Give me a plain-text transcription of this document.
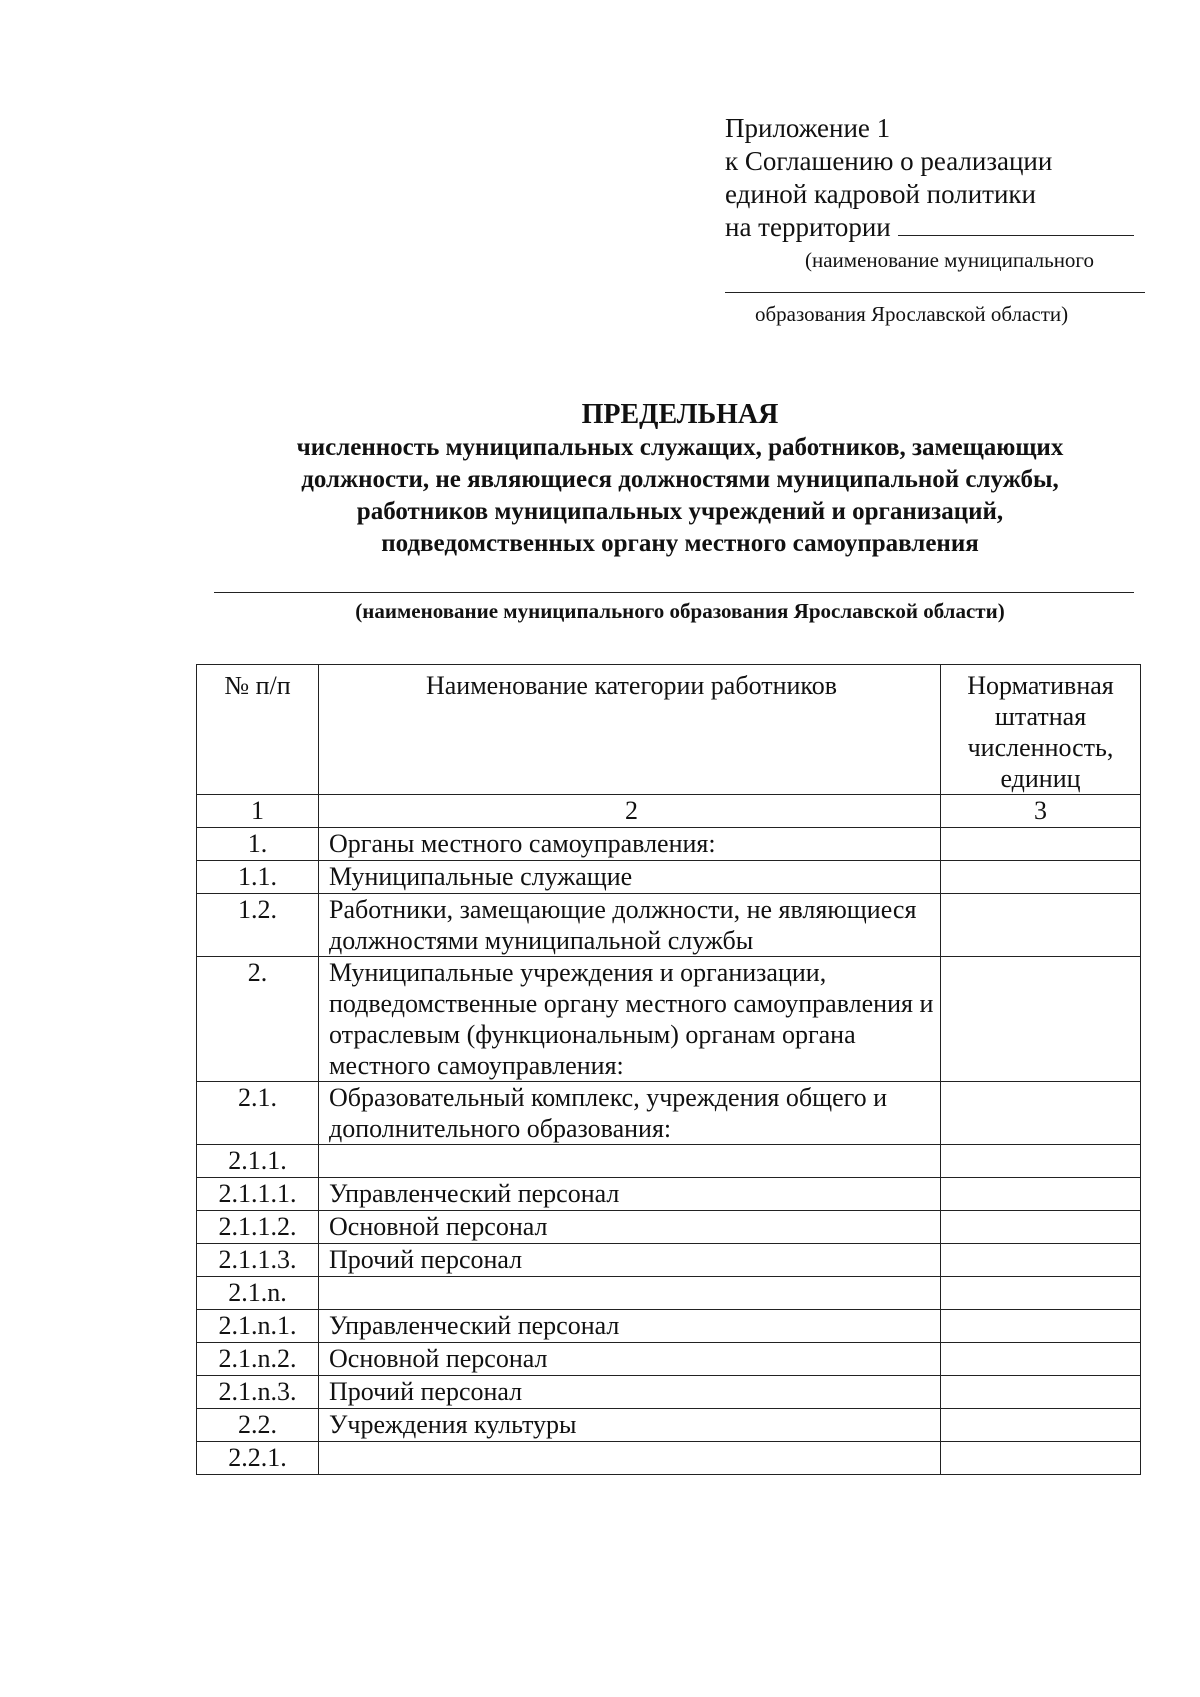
Приложение 1
к Соглашению о реализации
единой кадровой политики
на территории
(наименование муниципального
образования Ярославской области)
ПРЕДЕЛЬНАЯ
численность муниципальных служащих, работников, замещающих
должности, не являющиеся должностями муниципальной службы,
работников муниципальных учреждений и организаций,
подведомственных органу местного самоуправления
(наименование муниципального образования Ярославской области)
№ п/п	Наименование категории работников	Нормативная штатная численность, единиц
1	2	3
1.	Органы местного самоуправления:	
1.1.	Муниципальные служащие	
1.2.	Работники, замещающие должности, не являющиеся должностями муниципальной службы	
2.	Муниципальные учреждения и организации, подведомственные органу местного самоуправления и отраслевым (функциональным) органам органа местного самоуправления:	
2.1.	Образовательный комплекс, учреждения общего и дополнительного образования:	
2.1.1.		
2.1.1.1.	Управленческий персонал	
2.1.1.2.	Основной персонал	
2.1.1.3.	Прочий персонал	
2.1.n.		
2.1.n.1.	Управленческий персонал	
2.1.n.2.	Основной персонал	
2.1.n.3.	Прочий персонал	
2.2.	Учреждения культуры	
2.2.1.		
